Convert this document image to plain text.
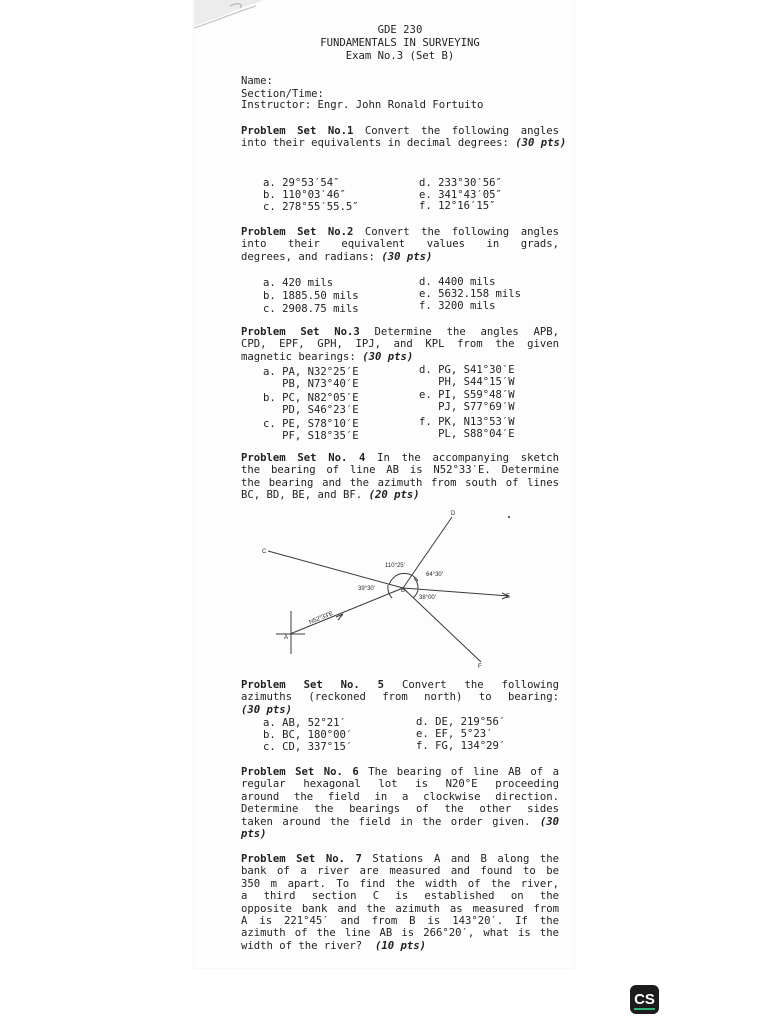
GDE 230
FUNDAMENTALS IN SURVEYING
Exam No.3 (Set B)
Name:
Section/Time:
Instructor: Engr. John Ronald Fortuito
Problem Set No.1 Convert the following angles
into their equivalents in decimal degrees: (30 pts)
a. 29°53′54″	d. 233°30′56″
b. 110°03′46″	e. 341°43′05″
c. 278°55′55.5″	f. 12°16′15″
Problem Set No.2 Convert the following angles
into their equivalent values in grads,
degrees, and radians: (30 pts)
a. 420 mils	d. 4400 mils
b. 1885.50 mils	e. 5632.158 mils
c. 2908.75 mils	f. 3200 mils
Problem Set No.3 Determine the angles APB,
CPD, EPF, GPH, IPJ, and KPL from the given
magnetic bearings: (30 pts)
a. PA, N32°25′E	d. PG, S41°30′E
PB, N73°40′E	PH, S44°15′W
b. PC, N82°05′E	e. PI, S59°48′W
PD, S46°23′E	PJ, S77°69′W
c. PE, S78°10′E	f. PK, N13°53′W
PF, S18°35′E	PL, S88°04′E
Problem Set No. 4 In the accompanying sketch
the bearing of line AB is N52°33′E. Determine
the bearing and the azimuth from south of lines
BC, BD, BE, and BF. (20 pts)
C
D
E
F
A
B
110°25′
64°30′
39°30′
38°00′
N52°33′E
Problem Set No. 5 Convert the following
azimuths (reckoned from north) to bearing:
(30 pts)
a. AB, 52°21′	d. DE, 219°56′
b. BC, 180°00′	e. EF, 5°23′
c. CD, 337°15′	f. FG, 134°29′
Problem Set No. 6 The bearing of line AB of a
regular hexagonal lot is N20°E proceeding
around the field in a clockwise direction.
Determine the bearings of the other sides
taken around the field in the order given. (30
pts)
Problem Set No. 7 Stations A and B along the
bank of a river are measured and found to be
350 m apart. To find the width of the river,
a third section C is established on the
opposite bank and the azimuth as measured from
A is 221°45′ and from B is 143°20′. If the
azimuth of the line AB is 266°20′, what is the
width of the river? (10 pts)
CS
